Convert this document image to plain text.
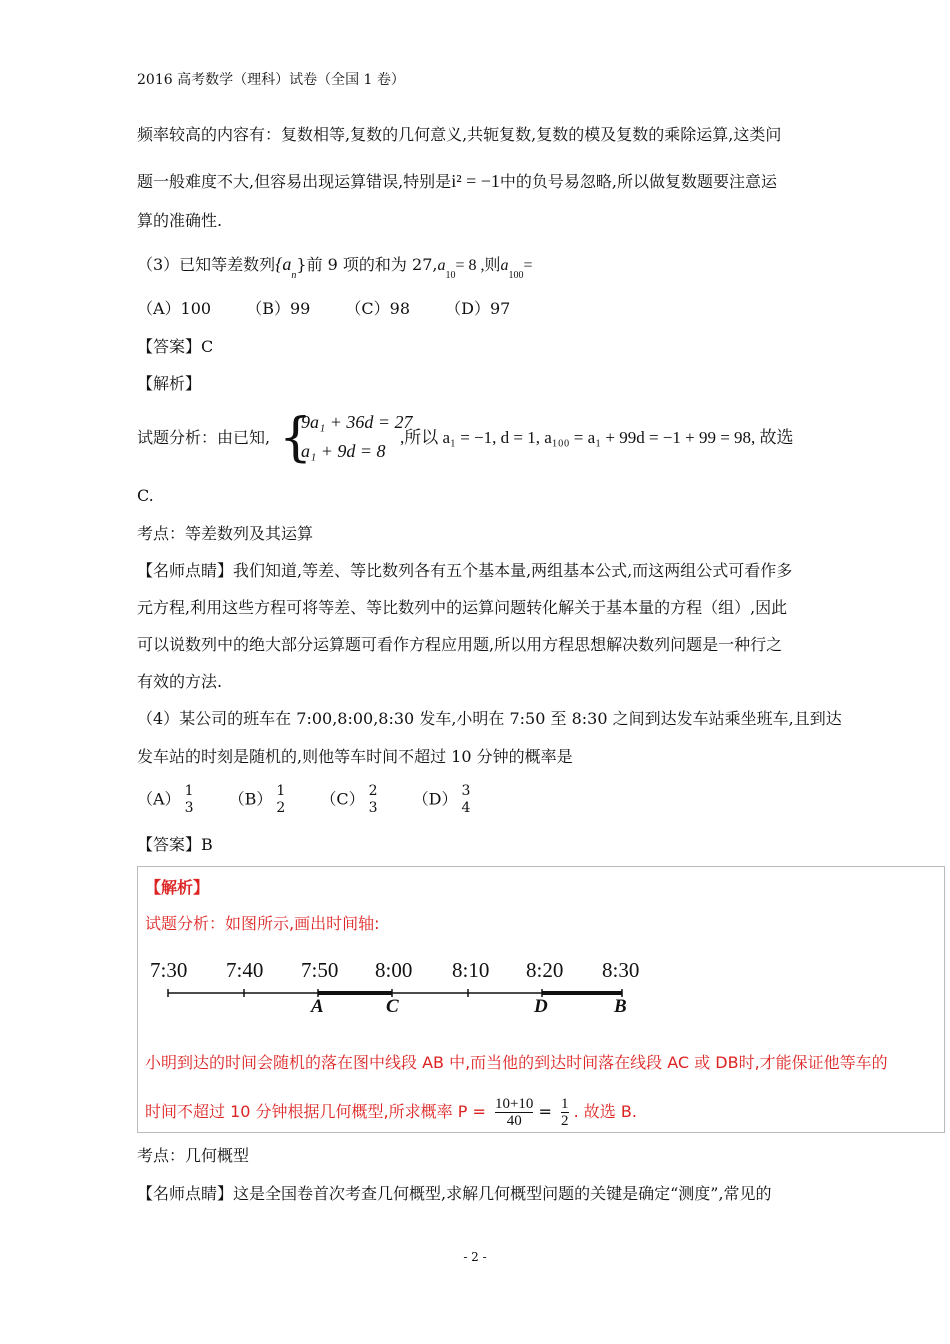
2016 高考数学（理科）试卷（全国 1 卷）
频率较高的内容有：复数相等,复数的几何意义,共轭复数,复数的模及复数的乘除运算,这类问
题一般难度不大,但容易出现运算错误,特别是i² = −1中的负号易忽略,所以做复数题要注意运
算的准确性.
（3）已知等差数列$\{a_n\}$前 9 项的和为 $27,a_{10}= 8$ ,则$a_{100}=$
（A）100 （B）99 （C）98 （D）97
【答案】C
【解析】
试题分析：由已知, {
9a₁ + 36d = 27
a₁ + 9d = 8
,所以 a₁ = −1, d = 1, a₁₀₀ = a₁ + 99d = −1 + 99 = 98, 故选
C.
考点：等差数列及其运算
【名师点睛】我们知道,等差、等比数列各有五个基本量,两组基本公式,而这两组公式可看作多
元方程,利用这些方程可将等差、等比数列中的运算问题转化解关于基本量的方程（组）,因此
可以说数列中的绝大部分运算题可看作方程应用题,所以用方程思想解决数列问题是一种行之
有效的方法.
（4）某公司的班车在 7:00,8:00,8:30 发车,小明在 7:50 至 8:30 之间到达发车站乘坐班车,且到达
发车站的时刻是随机的,则他等车时间不超过 10 分钟的概率是
（A） 1
3 （B） 1
2 （C） 2
3 （D） 3
4
【答案】B
【解析】
试题分析：如图所示,画出时间轴:
7:30 7:40 7:50 8:00 8:10 8:20 8:30
A	C	D	B
小明到达的时间会随机的落在图中线段 AB 中,而当他的到达时间落在线段 AC 或 DB时,才能保证他等车的
时间不超过 10 分钟根据几何概型,所求概率 $P = \frac{10+10}{40} = \frac{1}{2}$ . 故选 B.
考点：几何概型
【名师点睛】这是全国卷首次考查几何概型,求解几何概型问题的关键是确定“测度”,常见的
- 2 -
